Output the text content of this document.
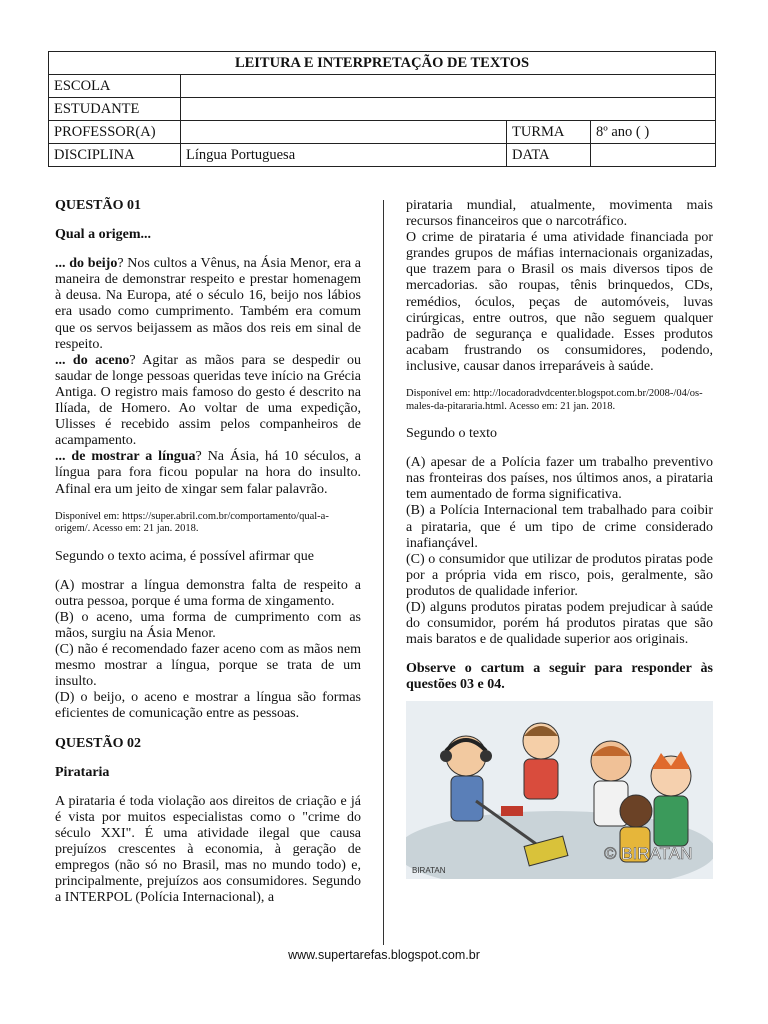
LEITURA E INTERPRETAÇÃO DE TEXTOS			
ESCOLA			
ESTUDANTE			
PROFESSOR(A)		TURMA	8º ano ( )
DISCIPLINA	Língua Portuguesa	DATA	

QUESTÃO 01

Qual a origem...

... do beijo? Nos cultos a Vênus, na Ásia Menor, era a maneira de demonstrar respeito e prestar homenagem à deusa. Na Europa, até o século 16, beijo nos lábios era usado como cumprimento. Também era comum que os servos beijassem as mãos dos reis em sinal de respeito.

... do aceno? Agitar as mãos para se despedir ou saudar de longe pessoas queridas teve início na Grécia Antiga. O registro mais famoso do gesto é descrito na Ilíada, de Homero. Ao voltar de uma expedição, Ulisses é recebido assim pelos companheiros de acampamento.

... de mostrar a língua? Na Ásia, há 10 séculos, a língua para fora ficou popular na hora do insulto. Afinal era um jeito de xingar sem falar palavrão.

Disponível em: https://super.abril.com.br/comportamento/qual-a-origem/. Acesso em: 21 jan. 2018.

Segundo o texto acima, é possível afirmar que

(A) mostrar a língua demonstra falta de respeito a outra pessoa, porque é uma forma de xingamento.

(B) o aceno, uma forma de cumprimento com as mãos, surgiu na Ásia Menor.

(C) não é recomendado fazer aceno com as mãos nem mesmo mostrar a língua, porque se trata de um insulto.

(D) o beijo, o aceno e mostrar a língua são formas eficientes de comunicação entre as pessoas.

QUESTÃO 02

Pirataria

A pirataria é toda violação aos direitos de criação e já é vista por muitos especialistas como o "crime do século XXI". É uma atividade ilegal que causa prejuízos crescentes à economia, à geração de empregos (não só no Brasil, mas no mundo todo) e, principalmente, prejuízos aos consumidores. Segundo a INTERPOL (Polícia Internacional), a

pirataria mundial, atualmente, movimenta mais recursos financeiros que o narcotráfico.

O crime de pirataria é uma atividade financiada por grandes grupos de máfias internacionais organizadas, que trazem para o Brasil os mais diversos tipos de mercadorias. são roupas, tênis brinquedos, CDs, remédios, óculos, peças de automóveis, luvas cirúrgicas, entre outros, que não seguem qualquer padrão de segurança e qualidade. Esses produtos acabam frustrando os consumidores, podendo, inclusive, causar danos irreparáveis à saúde.

Disponível em: http://locadoradvdcenter.blogspot.com.br/2008-/04/os-males-da-pitararia.html. Acesso em: 21 jan. 2018.

Segundo o texto

(A) apesar de a Polícia fazer um trabalho preventivo nas fronteiras dos países, nos últimos anos, a pirataria tem aumentado de forma significativa.

(B) a Polícia Internacional tem trabalhado para coibir a pirataria, que é um tipo de crime considerado inafiançável.

(C) o consumidor que utilizar de produtos piratas pode por a própria vida em risco, pois, geralmente, são produtos de qualidade inferior.

(D) alguns produtos piratas podem prejudicar à saúde do consumidor, porém há produtos piratas que são mais baratos e de qualidade superior aos originais.

Observe o cartum a seguir para responder às questões 03 e 04.

BIRATAN
© BIRATAN
www.supertarefas.blogspot.com.br
